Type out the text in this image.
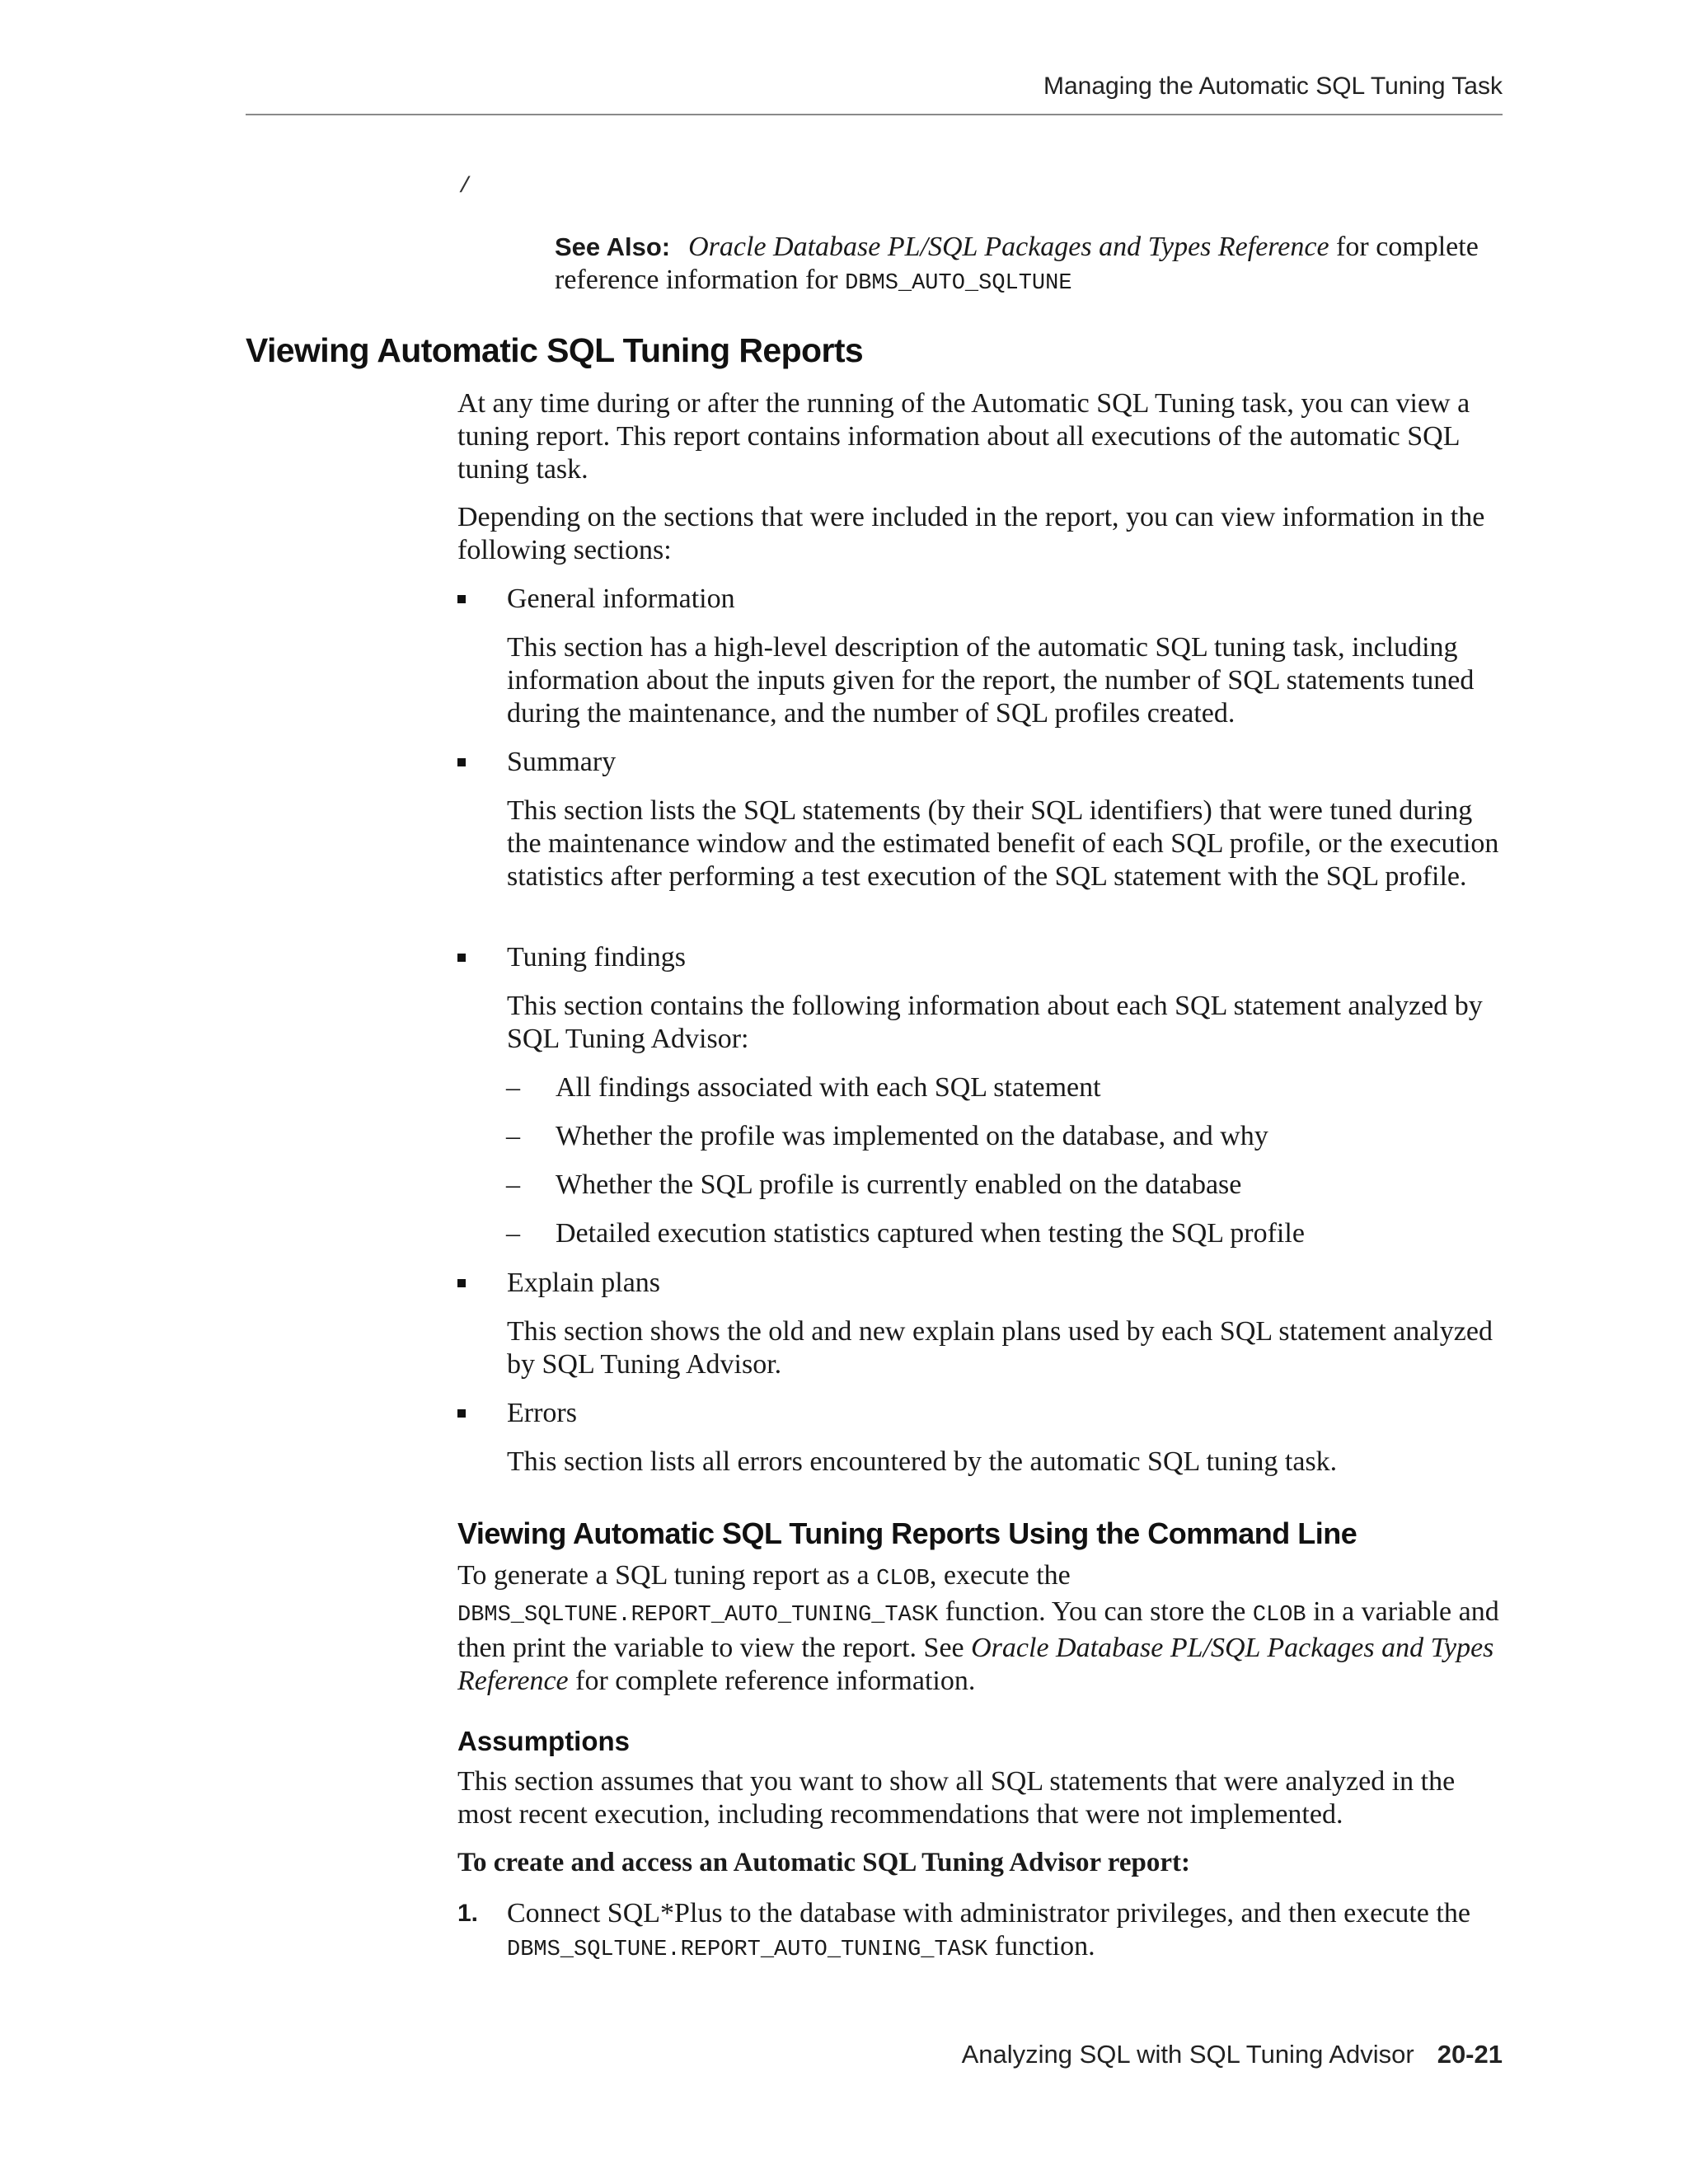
Managing the Automatic SQL Tuning Task
/
See Also: Oracle Database PL/SQL Packages and Types Reference for complete reference information for DBMS_AUTO_SQLTUNE
Viewing Automatic SQL Tuning Reports
At any time during or after the running of the Automatic SQL Tuning task, you can view a tuning report. This report contains information about all executions of the automatic SQL tuning task.
Depending on the sections that were included in the report, you can view information in the following sections:
General information
This section has a high-level description of the automatic SQL tuning task, including information about the inputs given for the report, the number of SQL statements tuned during the maintenance, and the number of SQL profiles created.
Summary
This section lists the SQL statements (by their SQL identifiers) that were tuned during the maintenance window and the estimated benefit of each SQL profile, or the execution statistics after performing a test execution of the SQL statement with the SQL profile.
Tuning findings
This section contains the following information about each SQL statement analyzed by SQL Tuning Advisor:
– All findings associated with each SQL statement
– Whether the profile was implemented on the database, and why
– Whether the SQL profile is currently enabled on the database
– Detailed execution statistics captured when testing the SQL profile
Explain plans
This section shows the old and new explain plans used by each SQL statement analyzed by SQL Tuning Advisor.
Errors
This section lists all errors encountered by the automatic SQL tuning task.
Viewing Automatic SQL Tuning Reports Using the Command Line
To generate a SQL tuning report as a CLOB, execute the
DBMS_SQLTUNE.REPORT_AUTO_TUNING_TASK function. You can store the CLOB in a variable and then print the variable to view the report. See Oracle Database PL/SQL Packages and Types Reference for complete reference information.
Assumptions
This section assumes that you want to show all SQL statements that were analyzed in the most recent execution, including recommendations that were not implemented.
To create and access an Automatic SQL Tuning Advisor report:
1. Connect SQL*Plus to the database with administrator privileges, and then execute the DBMS_SQLTUNE.REPORT_AUTO_TUNING_TASK function.
Analyzing SQL with SQL Tuning Advisor 20-21
